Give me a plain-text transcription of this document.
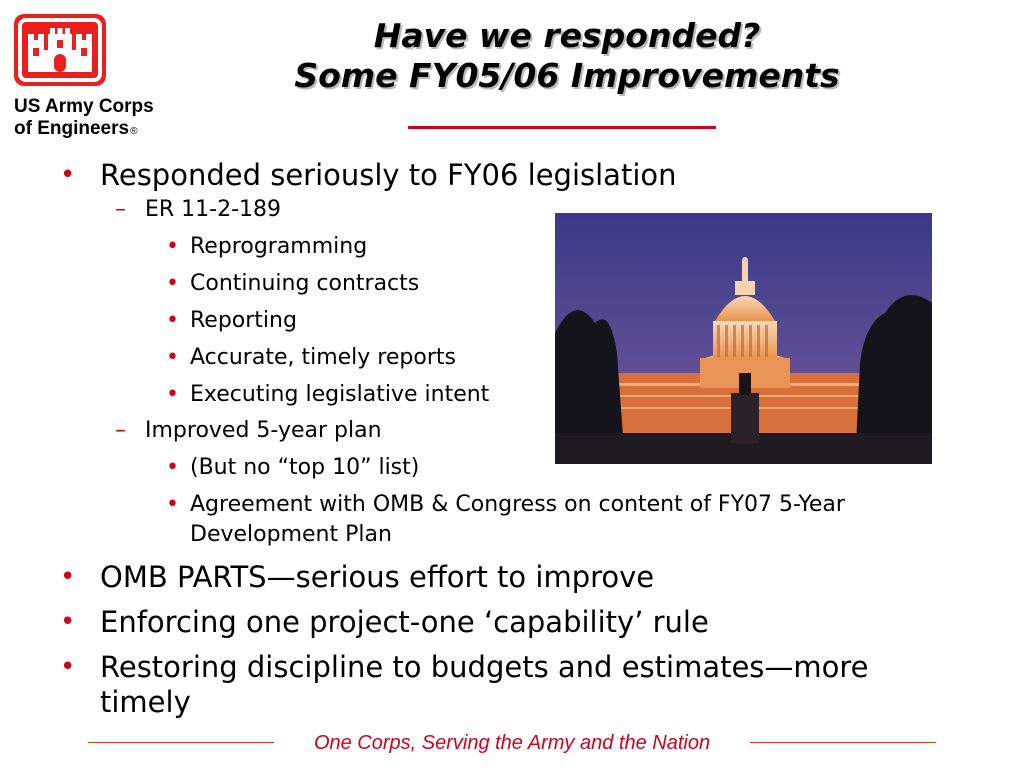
US Army Corps
of Engineers®
Have we responded?
Some FY05/06 Improvements
• Responded seriously to FY06 legislation
– ER 11-2-189
• Reprogramming
• Continuing contracts
• Reporting
• Accurate, timely reports
• Executing legislative intent
– Improved 5-year plan
• (But no “top 10” list)
• Agreement with OMB & Congress on content of FY07 5-Year Development Plan
• OMB PARTS—serious effort to improve
• Enforcing one project-one ‘capability’ rule
• Restoring discipline to budgets and estimates—more timely
One Corps, Serving the Army and the Nation
